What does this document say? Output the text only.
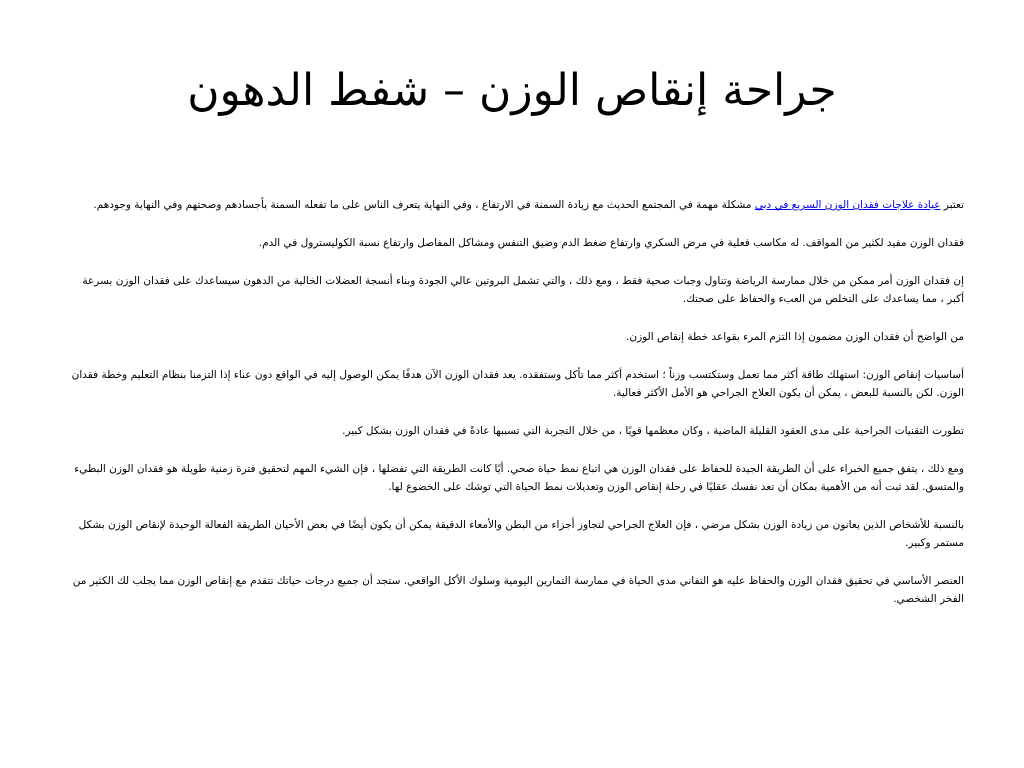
جراحة إنقاص الوزن – شفط الدهون

تعتبر عيادة علاجات فقدان الوزن السريع في دبي مشكلة مهمة في المجتمع الحديث مع زيادة السمنة في الارتفاع ، وفي النهاية يتعرف الناس على ما تفعله السمنة بأجسادهم وصحتهم وفي النهاية وجودهم.

فقدان الوزن مفيد لكثير من المواقف. له مكاسب فعلية في مرض السكري وارتفاع ضغط الدم وضيق التنفس ومشاكل المفاصل وارتفاع نسبة الكوليسترول في الدم.

إن فقدان الوزن أمر ممكن من خلال ممارسة الرياضة وتناول وجبات صحية فقط ، ومع ذلك ، والتي تشمل البروتين عالي الجودة وبناء أنسجة العضلات الخالية من الدهون سيساعدك على فقدان الوزن بسرعة أكبر ، مما يساعدك على التخلص من العبء والحفاظ على صحتك.

من الواضح أن فقدان الوزن مضمون إذا التزم المرء بقواعد خطة إنقاص الوزن.

أساسيات إنقاص الوزن: استهلك طاقة أكثر مما تعمل وستكتسب وزناً ؛ استخدم أكثر مما تأكل وستفقده. يعد فقدان الوزن الآن هدفًا يمكن الوصول إليه في الواقع دون عناء إذا التزمنا بنظام التعليم وخطة فقدان الوزن. لكن بالنسبة للبعض ، يمكن أن يكون العلاج الجراحي هو الأمل الأكثر فعالية.

تطورت التقنيات الجراحية على مدى العقود القليلة الماضية ، وكان معظمها قويًا ، من خلال التجربة التي تسببها عادةً في فقدان الوزن بشكل كبير.

ومع ذلك ، يتفق جميع الخبراء على أن الطريقة الجيدة للحفاظ على فقدان الوزن هي اتباع نمط حياة صحي. أيًا كانت الطريقة التي تفضلها ، فإن الشيء المهم لتحقيق فترة زمنية طويلة هو فقدان الوزن البطيء والمتسق. لقد ثبت أنه من الأهمية بمكان أن تعد نفسك عقليًا في رحلة إنقاص الوزن وتعديلات نمط الحياة التي توشك على الخضوع لها.

بالنسبة للأشخاص الذين يعانون من زيادة الوزن بشكل مرضي ، فإن العلاج الجراحي لتجاوز أجزاء من البطن والأمعاء الدقيقة يمكن أن يكون أيضًا في بعض الأحيان الطريقة الفعالة الوحيدة لإنقاص الوزن بشكل مستمر وكبير.

العنصر الأساسي في تحقيق فقدان الوزن والحفاظ عليه هو التفاني مدى الحياة في ممارسة التمارين اليومية وسلوك الأكل الواقعي. ستجد أن جميع درجات حياتك تتقدم مع إنقاص الوزن مما يجلب لك الكثير من الفخر الشخصي.
